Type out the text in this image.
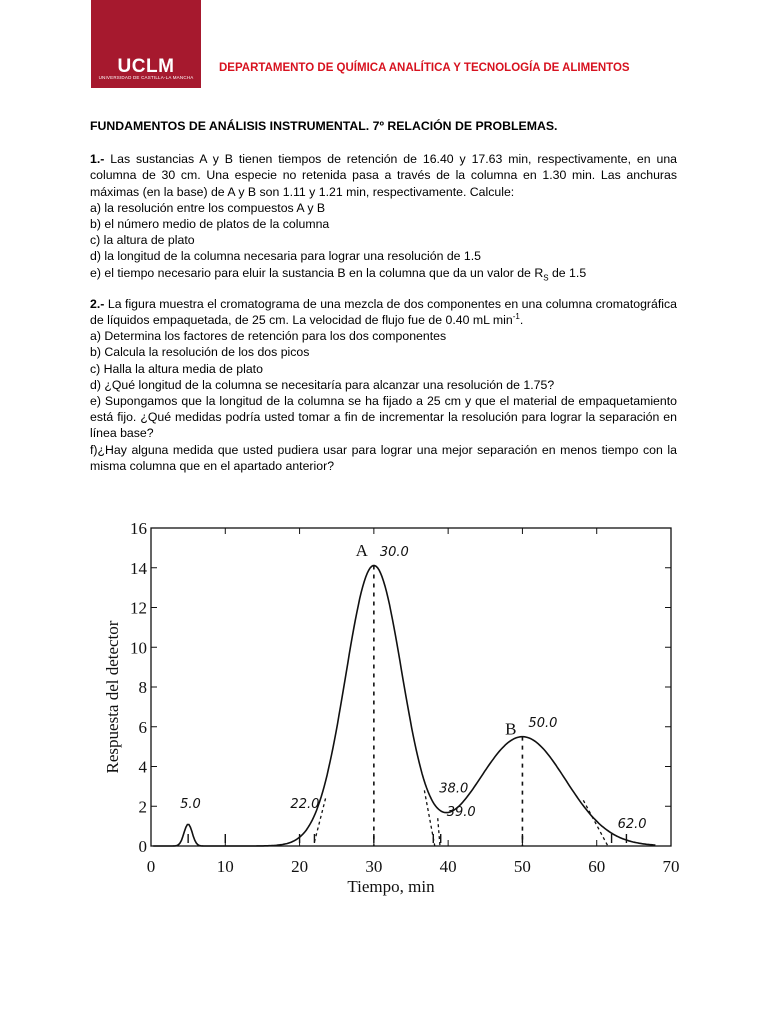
UCLM
UNIVERSIDAD DE CASTILLA-LA MANCHA
DEPARTAMENTO DE QUÍMICA ANALÍTICA Y TECNOLOGÍA DE ALIMENTOS
FUNDAMENTOS DE ANÁLISIS INSTRUMENTAL. 7º RELACIÓN DE PROBLEMAS.
1.- Las sustancias A y B tienen tiempos de retención de 16.40 y 17.63 min, respectivamente, en una columna de 30 cm. Una especie no retenida pasa a través de la columna en 1.30 min. Las anchuras máximas (en la base) de A y B son 1.11 y 1.21 min, respectivamente. Calcule:
a) la resolución entre los compuestos A y B
b) el número medio de platos de la columna
c) la altura de plato
d) la longitud de la columna necesaria para lograr una resolución de 1.5
e) el tiempo necesario para eluir la sustancia B en la columna que da un valor de $R_S$ de 1.5
2.- La figura muestra el cromatograma de una mezcla de dos componentes en una columna cromatográfica de líquidos empaquetada, de 25 cm. La velocidad de flujo fue de 0.40 mL $\min^{-1}$.
a) Determina los factores de retención para los dos componentes
b) Calcula la resolución de los dos picos
c) Halla la altura media de plato
d) ¿Qué longitud de la columna se necesitaría para alcanzar una resolución de 1.75?
e) Supongamos que la longitud de la columna se ha fijado a 25 cm y que el material de empaquetamiento está fijo. ¿Qué medidas podría usted tomar a fin de incrementar la resolución para lograr la separación en línea base?
f)¿Hay alguna medida que usted pudiera usar para lograr una mejor separación en menos tiempo con la misma columna que en el apartado anterior?
0	10	20	30	40	50	60	70
0
2
4
6
8
10
12
14
16
Tiempo, min
Respuesta del detector
5.0	22.0
30.0
38.0
39.0
50.0
62.0
A
B
